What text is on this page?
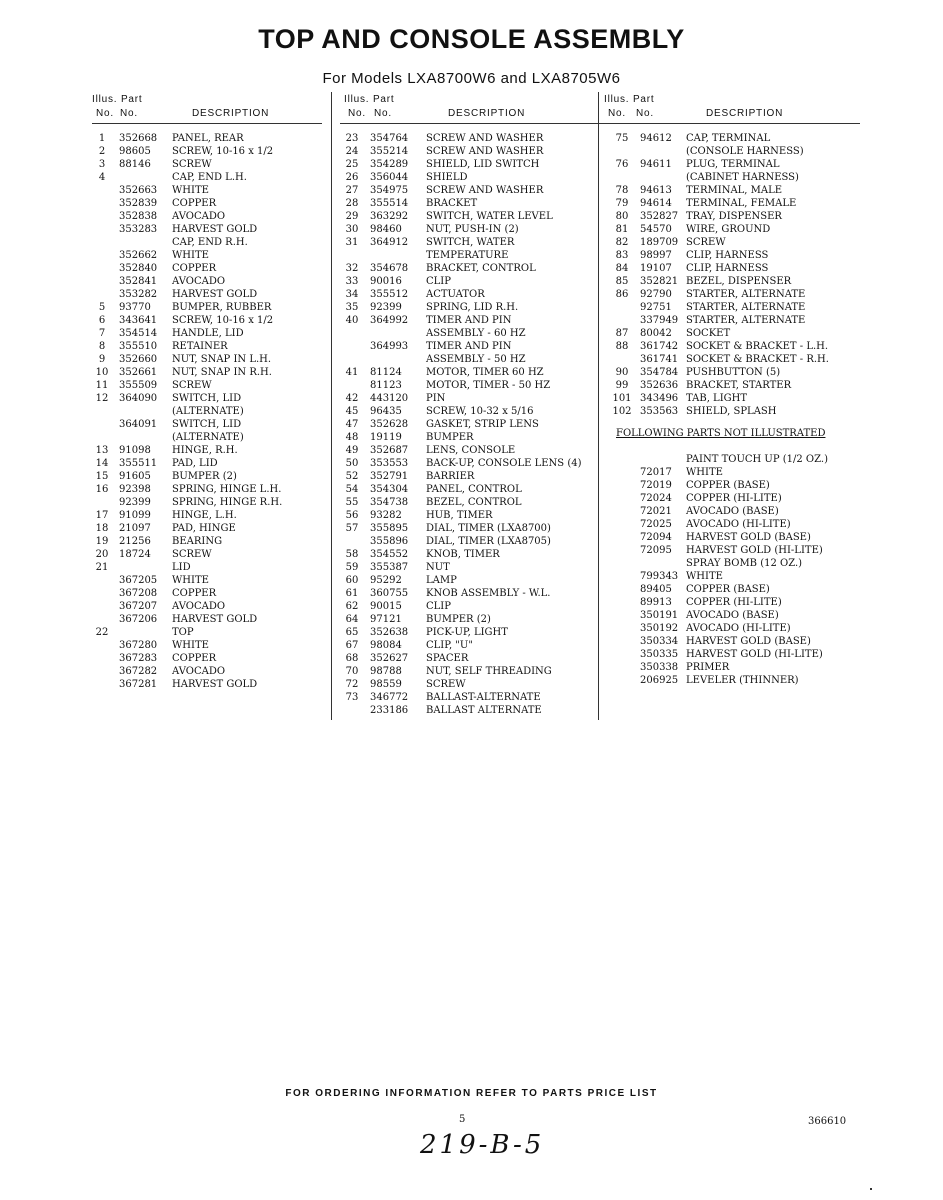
TOP AND CONSOLE ASSEMBLY
For Models LXA8700W6 and LXA8705W6
Illus. Part
No. No.	DESCRIPTION
1	352668 PANEL, REAR
2	98605 SCREW, 10-16 x 1/2
3	88146 SCREW
4	CAP, END L.H.
352663 WHITE
352839 COPPER
352838 AVOCADO
353283 HARVEST GOLD
CAP, END R.H.
352662 WHITE
352840 COPPER
352841 AVOCADO
353282 HARVEST GOLD
5	93770 BUMPER, RUBBER
6	343641 SCREW, 10-16 x 1/2
7	354514 HANDLE, LID
8	355510 RETAINER
9	352660 NUT, SNAP IN L.H.
10	352661 NUT, SNAP IN R.H.
11	355509 SCREW
12	364090 SWITCH, LID
(ALTERNATE)
364091 SWITCH, LID
(ALTERNATE)
13	91098 HINGE, R.H.
14	355511 PAD, LID
15	91605 BUMPER (2)
16	92398 SPRING, HINGE L.H.
92399 SPRING, HINGE R.H.
17	91099 HINGE, L.H.
18	21097 PAD, HINGE
19	21256 BEARING
20	18724 SCREW
21	LID
367205 WHITE
367208 COPPER
367207 AVOCADO
367206 HARVEST GOLD
22	TOP
367280 WHITE
367283 COPPER
367282 AVOCADO
367281 HARVEST GOLD
Illus. Part
No. No.	DESCRIPTION
23	354764 SCREW AND WASHER
24	355214 SCREW AND WASHER
25	354289 SHIELD, LID SWITCH
26	356044 SHIELD
27	354975 SCREW AND WASHER
28	355514 BRACKET
29	363292 SWITCH, WATER LEVEL
30	98460 NUT, PUSH-IN (2)
31	364912 SWITCH, WATER
TEMPERATURE
32	354678 BRACKET, CONTROL
33	90016 CLIP
34	355512 ACTUATOR
35	92399 SPRING, LID R.H.
40	364992 TIMER AND PIN
ASSEMBLY - 60 HZ
364993 TIMER AND PIN
ASSEMBLY - 50 HZ
41	81124 MOTOR, TIMER 60 HZ
81123 MOTOR, TIMER - 50 HZ
42	443120 PIN
45	96435 SCREW, 10-32 x 5/16
47	352628 GASKET, STRIP LENS
48	19119 BUMPER
49	352687 LENS, CONSOLE
50	353553 BACK-UP, CONSOLE LENS (4)
52	352791 BARRIER
54	354304 PANEL, CONTROL
55	354738 BEZEL, CONTROL
56	93282 HUB, TIMER
57	355895 DIAL, TIMER (LXA8700)
355896 DIAL, TIMER (LXA8705)
58	354552 KNOB, TIMER
59	355387 NUT
60	95292 LAMP
61	360755 KNOB ASSEMBLY - W.L.
62	90015 CLIP
64	97121 BUMPER (2)
65	352638 PICK-UP, LIGHT
67	98084 CLIP, "U"
68	352627 SPACER
70	98788 NUT, SELF THREADING
72	98559 SCREW
73	346772 BALLAST-ALTERNATE
233186 BALLAST ALTERNATE
Illus. Part
No. No.	DESCRIPTION
75	94612 CAP, TERMINAL
(CONSOLE HARNESS)
76	94611 PLUG, TERMINAL
(CABINET HARNESS)
78	94613 TERMINAL, MALE
79	94614 TERMINAL, FEMALE
80	352827 TRAY, DISPENSER
81	54570 WIRE, GROUND
82	189709 SCREW
83	98997 CLIP, HARNESS
84	19107 CLIP, HARNESS
85	352821 BEZEL, DISPENSER
86	92790 STARTER, ALTERNATE
92751 STARTER, ALTERNATE
337949 STARTER, ALTERNATE
87	80042 SOCKET
88	361742 SOCKET & BRACKET - L.H.
361741 SOCKET & BRACKET - R.H.
90	354784 PUSHBUTTON (5)
99	352636 BRACKET, STARTER
101 343496 TAB, LIGHT
102 353563 SHIELD, SPLASH
FOLLOWING PARTS NOT ILLUSTRATED
PAINT TOUCH UP (1/2 OZ.)
72017 WHITE
72019 COPPER (BASE)
72024 COPPER (HI-LITE)
72021 AVOCADO (BASE)
72025 AVOCADO (HI-LITE)
72094 HARVEST GOLD (BASE)
72095 HARVEST GOLD (HI-LITE)
SPRAY BOMB (12 OZ.)
799343 WHITE
89405 COPPER (BASE)
89913 COPPER (HI-LITE)
350191 AVOCADO (BASE)
350192 AVOCADO (HI-LITE)
350334 HARVEST GOLD (BASE)
350335 HARVEST GOLD (HI-LITE)
350338 PRIMER
206925 LEVELER (THINNER)
FOR ORDERING INFORMATION REFER TO PARTS PRICE LIST
5	366610
219-B-5
